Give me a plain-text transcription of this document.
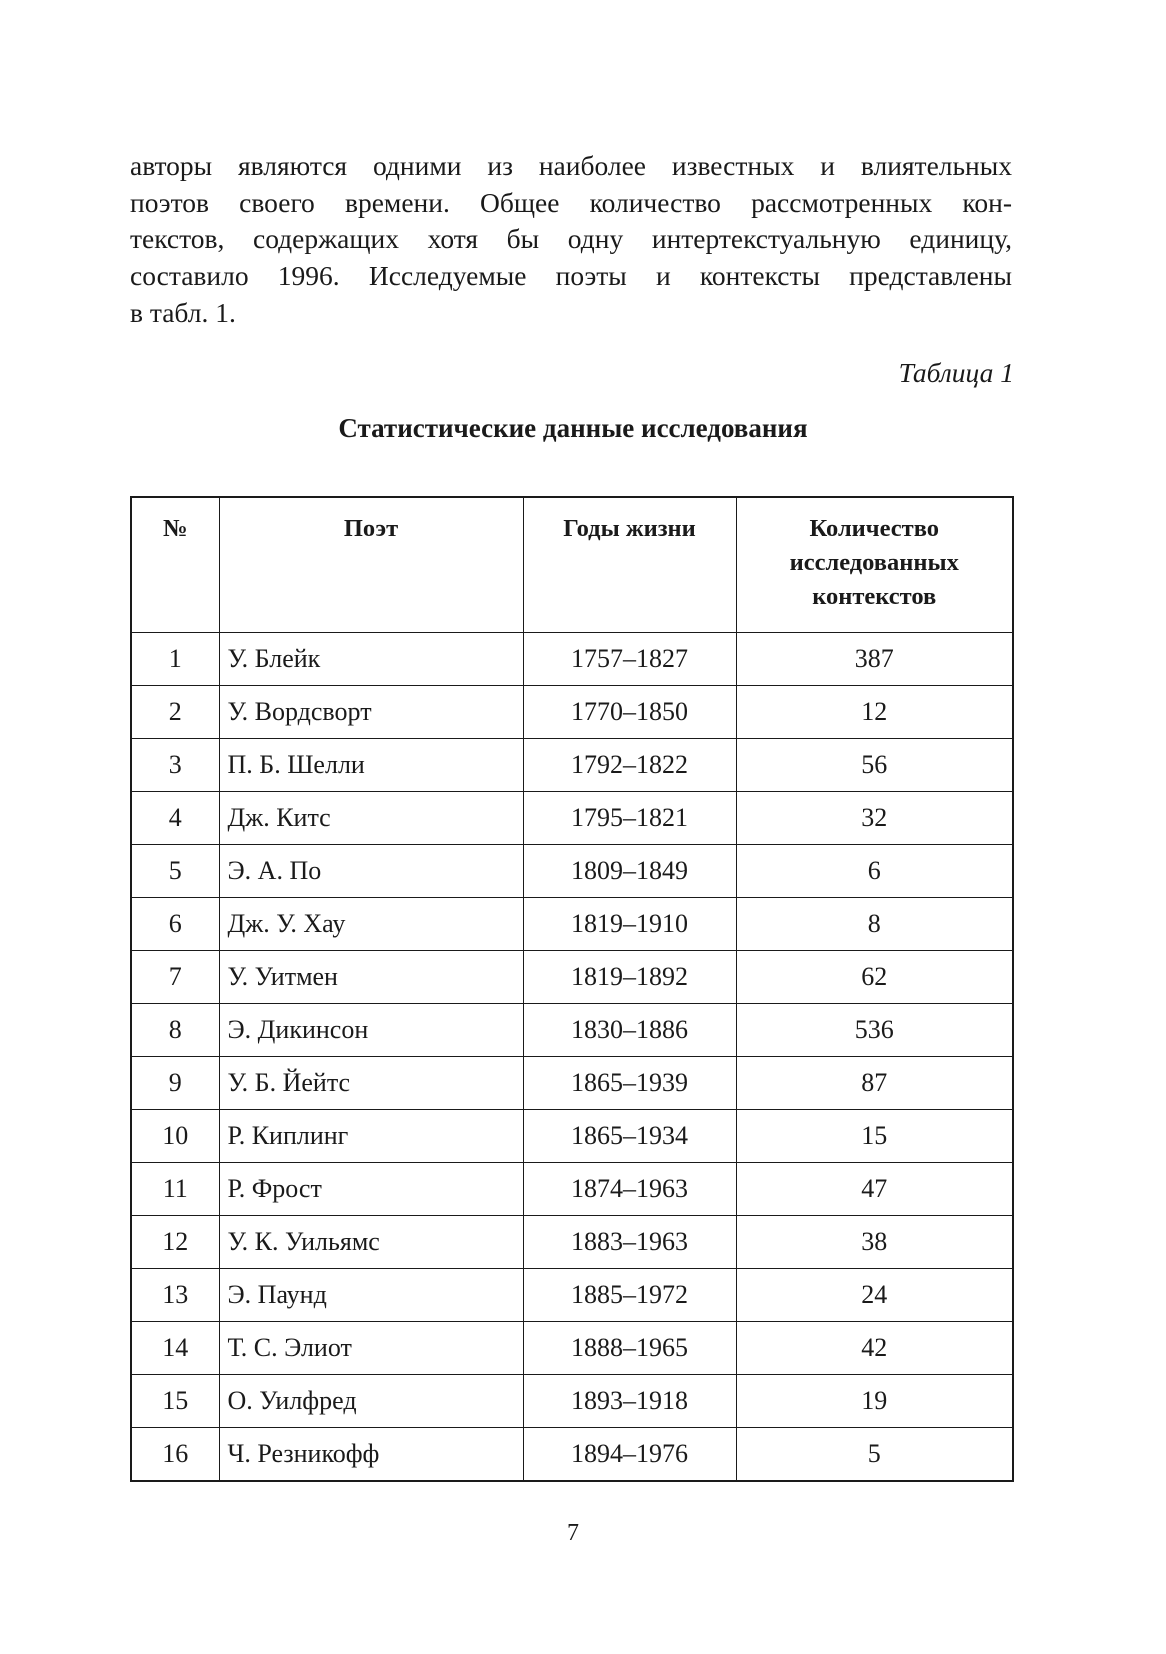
авторы являются одними из наиболее известных и влиятельных
поэтов своего времени. Общее количество рассмотренных кон-
текстов, содержащих хотя бы одну интертекстуальную единицу,
составило 1996. Исследуемые поэты и контексты представлены
в табл. 1.

Таблица 1

Статистические данные исследования

№	Поэт	Годы жизни	Количество
исследованных
контекстов
1	У. Блейк	1757–1827	387
2	У. Вордсворт	1770–1850	12
3	П. Б. Шелли	1792–1822	56
4	Дж. Китс	1795–1821	32
5	Э. А. По	1809–1849	6
6	Дж. У. Хау	1819–1910	8
7	У. Уитмен	1819–1892	62
8	Э. Дикинсон	1830–1886	536
9	У. Б. Йейтс	1865–1939	87
10	Р. Киплинг	1865–1934	15
11	Р. Фрост	1874–1963	47
12	У. К. Уильямс	1883–1963	38
13	Э. Паунд	1885–1972	24
14	Т. С. Элиот	1888–1965	42
15	О. Уилфред	1893–1918	19
16	Ч. Резникофф	1894–1976	5

7
